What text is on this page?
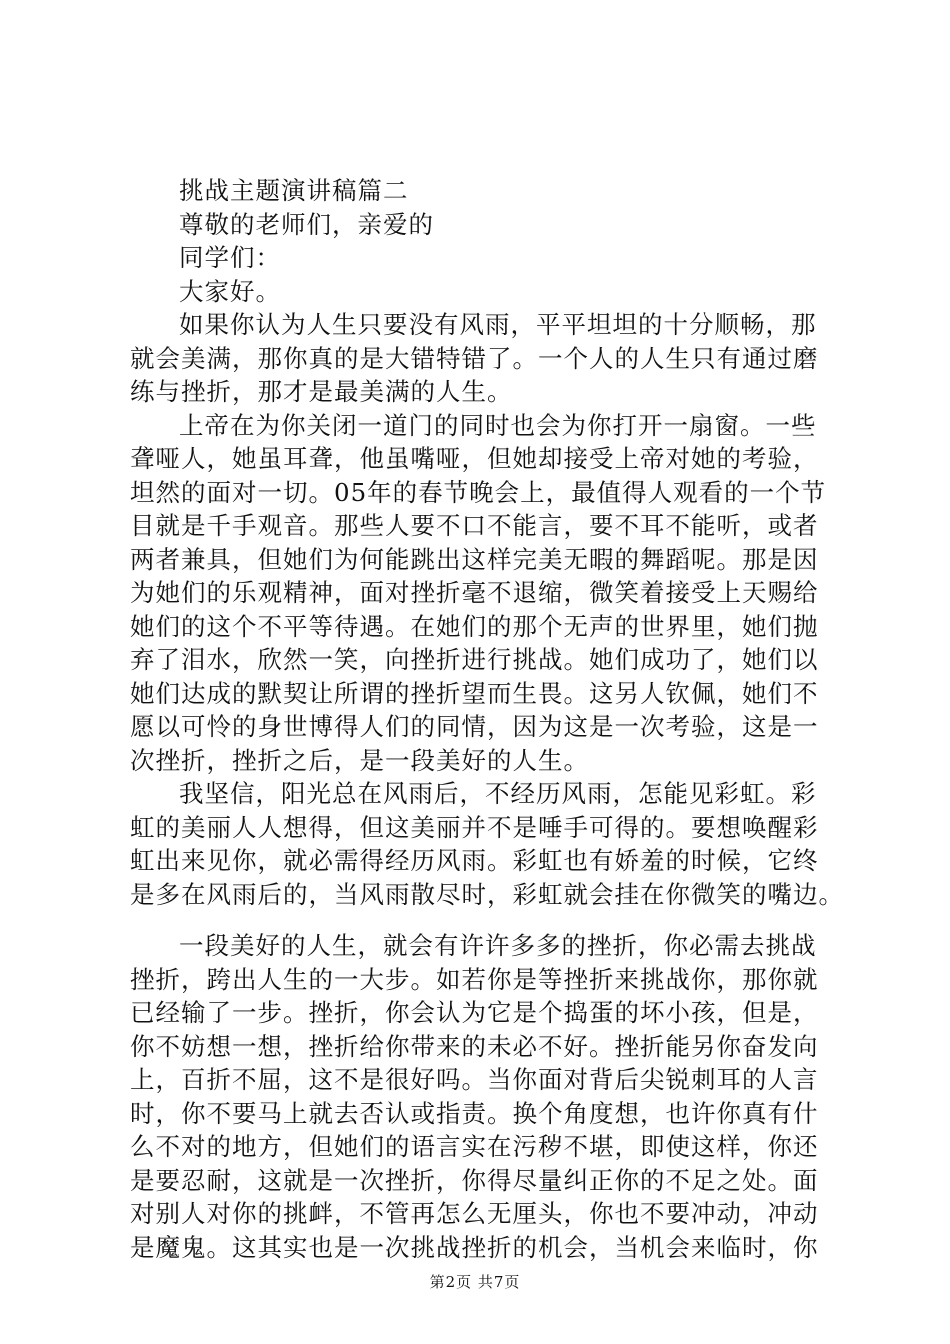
挑战主题演讲稿篇二
尊敬的老师们，亲爱的
同学们：
大家好。
如果你认为人生只要没有风雨，平平坦坦的十分顺畅，那
就会美满，那你真的是大错特错了。一个人的人生只有通过磨
练与挫折，那才是最美满的人生。
上帝在为你关闭一道门的同时也会为你打开一扇窗。一些
聋哑人，她虽耳聋，他虽嘴哑，但她却接受上帝对她的考验，
坦然的面对一切。05年的春节晚会上，最值得人观看的一个节
目就是千手观音。那些人要不口不能言，要不耳不能听，或者
两者兼具，但她们为何能跳出这样完美无暇的舞蹈呢。那是因
为她们的乐观精神，面对挫折毫不退缩，微笑着接受上天赐给
她们的这个不平等待遇。在她们的那个无声的世界里，她们抛
弃了泪水，欣然一笑，向挫折进行挑战。她们成功了，她们以
她们达成的默契让所谓的挫折望而生畏。这另人钦佩，她们不
愿以可怜的身世博得人们的同情，因为这是一次考验，这是一
次挫折，挫折之后，是一段美好的人生。
我坚信，阳光总在风雨后，不经历风雨，怎能见彩虹。彩
虹的美丽人人想得，但这美丽并不是唾手可得的。要想唤醒彩
虹出来见你，就必需得经历风雨。彩虹也有娇羞的时候，它终
是多在风雨后的，当风雨散尽时，彩虹就会挂在你微笑的嘴边。
一段美好的人生，就会有许许多多的挫折，你必需去挑战
挫折，跨出人生的一大步。如若你是等挫折来挑战你，那你就
已经输了一步。挫折，你会认为它是个捣蛋的坏小孩，但是，
你不妨想一想，挫折给你带来的未必不好。挫折能另你奋发向
上，百折不屈，这不是很好吗。当你面对背后尖锐刺耳的人言
时，你不要马上就去否认或指责。换个角度想，也许你真有什
么不对的地方，但她们的语言实在污秽不堪，即使这样，你还
是要忍耐，这就是一次挫折，你得尽量纠正你的不足之处。面
对别人对你的挑衅，不管再怎么无厘头，你也不要冲动，冲动
是魔鬼。这其实也是一次挑战挫折的机会，当机会来临时，你
第2页 共7页
